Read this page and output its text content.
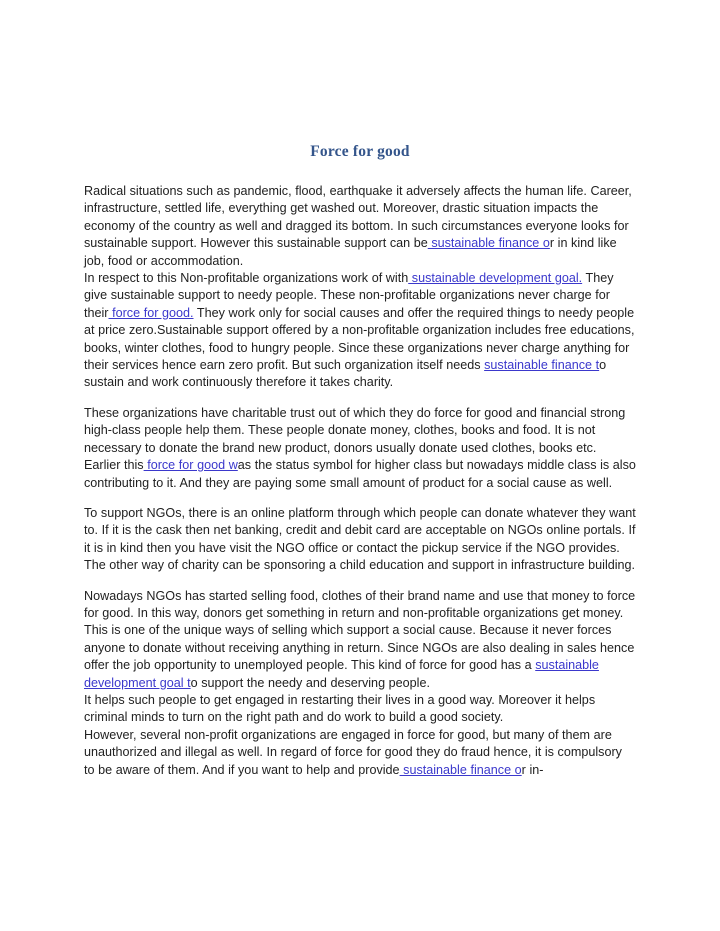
Force for good

Radical situations such as pandemic, flood, earthquake it adversely affects the human life. Career, infrastructure, settled life, everything get washed out. Moreover, drastic situation impacts the economy of the country as well and dragged its bottom. In such circumstances everyone looks for sustainable support. However this sustainable support can be sustainable finance or in kind like job, food or accommodation.

In respect to this Non-profitable organizations work of with sustainable development goal. They give sustainable support to needy people. These non-profitable organizations never charge for their force for good. They work only for social causes and offer the required things to needy people at price zero.Sustainable support offered by a non-profitable organization includes free educations, books, winter clothes, food to hungry people. Since these organizations never charge anything for their services hence earn zero profit. But such organization itself needs sustainable finance to sustain and work continuously therefore it takes charity.

These organizations have charitable trust out of which they do force for good and financial strong high-class people help them. These people donate money, clothes, books and food. It is not necessary to donate the brand new product, donors usually donate used clothes, books etc. Earlier this force for good was the status symbol for higher class but nowadays middle class is also contributing to it. And they are paying some small amount of product for a social cause as well.

To support NGOs, there is an online platform through which people can donate whatever they want to. If it is the cask then net banking, credit and debit card are acceptable on NGOs online portals. If it is in kind then you have visit the NGO office or contact the pickup service if the NGO provides. The other way of charity can be sponsoring a child education and support in infrastructure building.

Nowadays NGOs has started selling food, clothes of their brand name and use that money to force for good. In this way, donors get something in return and non-profitable organizations get money. This is one of the unique ways of selling which support a social cause. Because it never forces anyone to donate without receiving anything in return. Since NGOs are also dealing in sales hence offer the job opportunity to unemployed people. This kind of force for good has a sustainable development goal to support the needy and deserving people.

It helps such people to get engaged in restarting their lives in a good way. Moreover it helps criminal minds to turn on the right path and do work to build a good society.

However, several non-profit organizations are engaged in force for good, but many of them are unauthorized and illegal as well. In regard of force for good they do fraud hence, it is compulsory to be aware of them. And if you want to help and provide sustainable finance or in-
